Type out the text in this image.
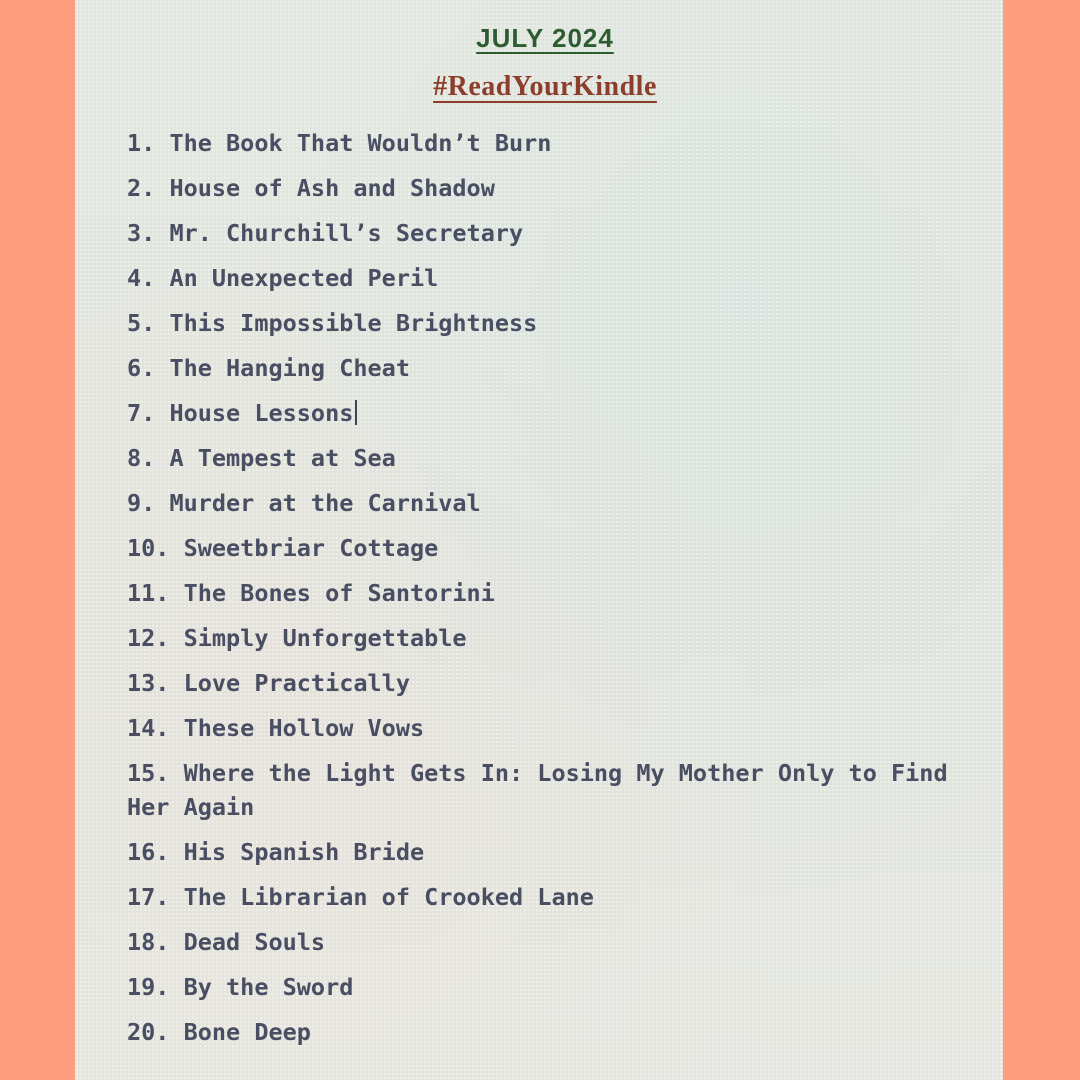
JULY 2024
#ReadYourKindle
1. The Book That Wouldn’t Burn
2. House of Ash and Shadow
3. Mr. Churchill’s Secretary
4. An Unexpected Peril
5. This Impossible Brightness
6. The Hanging Cheat
7. House Lessons
8. A Tempest at Sea
9. Murder at the Carnival
10. Sweetbriar Cottage
11. The Bones of Santorini
12. Simply Unforgettable
13. Love Practically
14. These Hollow Vows
15. Where the Light Gets In: Losing My Mother Only to Find Her Again
16. His Spanish Bride
17. The Librarian of Crooked Lane
18. Dead Souls
19. By the Sword
20. Bone Deep
